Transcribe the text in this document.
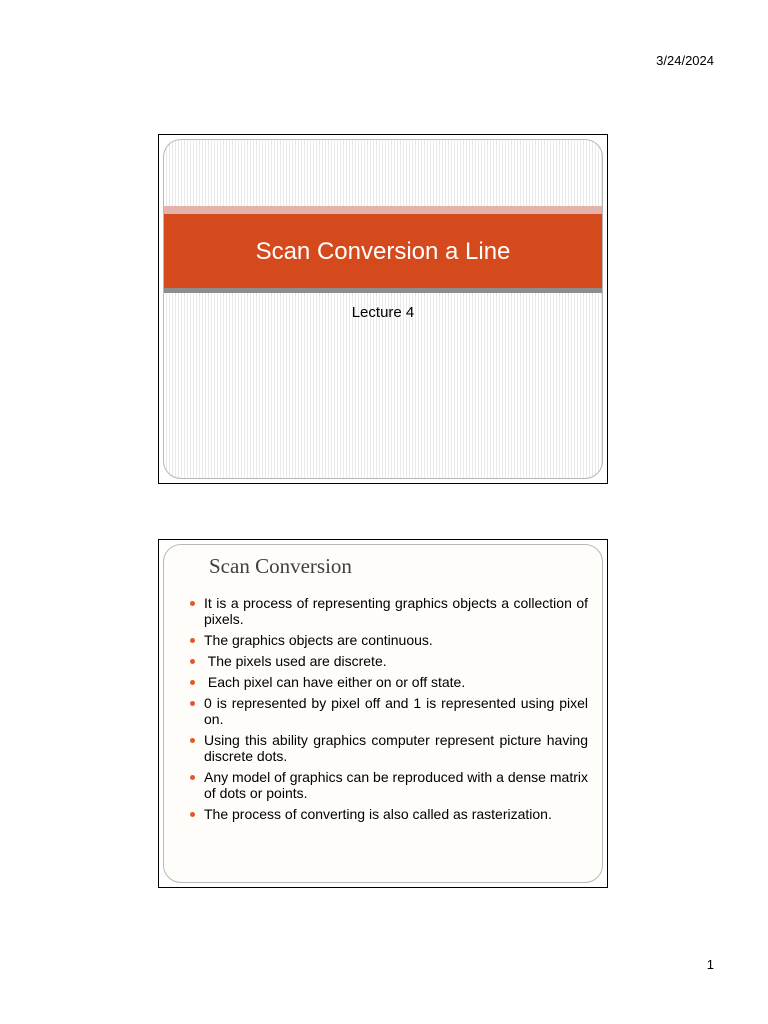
3/24/2024
Scan Conversion a Line
Lecture 4
Scan Conversion
It is a process of representing graphics objects a collection of pixels.
The graphics objects are continuous.
The pixels used are discrete.
Each pixel can have either on or off state.
0 is represented by pixel off and 1 is represented using pixel on.
Using this ability graphics computer represent picture having discrete dots.
Any model of graphics can be reproduced with a dense matrix of dots or points.
The process of converting is also called as rasterization.
1
